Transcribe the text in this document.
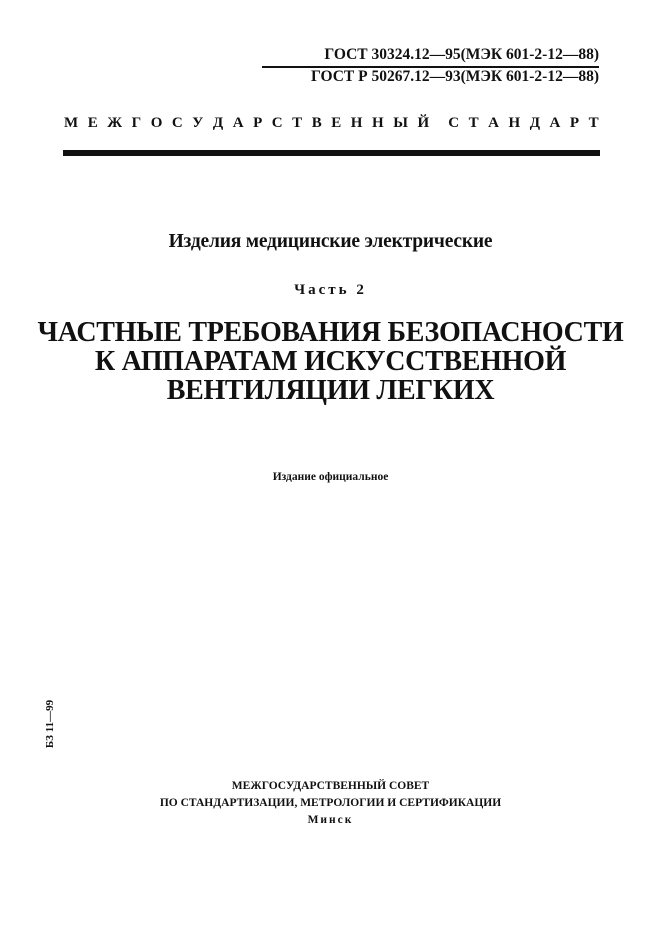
ГОСТ 30324.12—95(МЭК 601-2-12—88)
ГОСТ Р 50267.12—93(МЭК 601-2-12—88)
М Е Ж Г О С У Д А Р С Т В Е Н Н Ы Й С Т А Н Д А Р Т
Изделия медицинские электрические
Часть 2
ЧАСТНЫЕ ТРЕБОВАНИЯ БЕЗОПАСНОСТИ
К АППАРАТАМ ИСКУССТВЕННОЙ
ВЕНТИЛЯЦИИ ЛЕГКИХ
Издание официальное
БЗ 11—99
МЕЖГОСУДАРСТВЕННЫЙ СОВЕТ
ПО СТАНДАРТИЗАЦИИ, МЕТРОЛОГИИ И СЕРТИФИКАЦИИ
Минск
